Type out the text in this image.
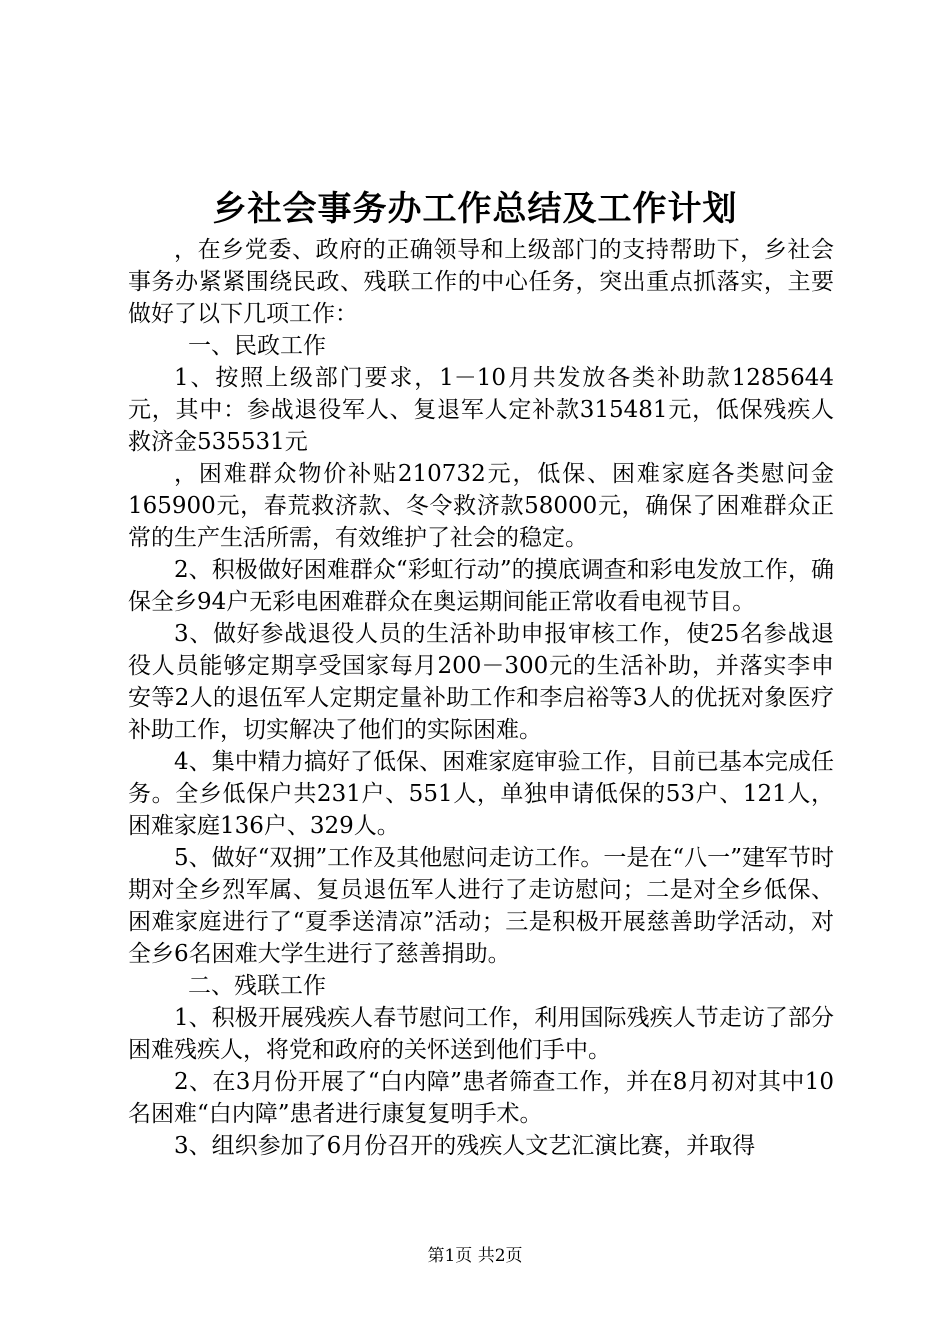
乡社会事务办工作总结及工作计划

，在乡党委、政府的正确领导和上级部门的支持帮助下，乡社会事务办紧紧围绕民政、残联工作的中心任务，突出重点抓落实，主要做好了以下几项工作：

一、民政工作

1、按照上级部门要求，1－10月共发放各类补助款1285644元，其中：参战退役军人、复退军人定补款315481元，低保残疾人救济金535531元

，困难群众物价补贴210732元，低保、困难家庭各类慰问金165900元，春荒救济款、冬令救济款58000元，确保了困难群众正常的生产生活所需，有效维护了社会的稳定。

2、积极做好困难群众“彩虹行动”的摸底调查和彩电发放工作，确保全乡94户无彩电困难群众在奥运期间能正常收看电视节目。

3、做好参战退役人员的生活补助申报审核工作，使25名参战退役人员能够定期享受国家每月200－300元的生活补助，并落实李申安等2人的退伍军人定期定量补助工作和李启裕等3人的优抚对象医疗补助工作，切实解决了他们的实际困难。

4、集中精力搞好了低保、困难家庭审验工作，目前已基本完成任务。全乡低保户共231户、551人，单独申请低保的53户、121人，困难家庭136户、329人。

5、做好“双拥”工作及其他慰问走访工作。一是在“八一”建军节时期对全乡烈军属、复员退伍军人进行了走访慰问；二是对全乡低保、困难家庭进行了“夏季送清凉”活动；三是积极开展慈善助学活动，对全乡6名困难大学生进行了慈善捐助。

二、残联工作

1、积极开展残疾人春节慰问工作，利用国际残疾人节走访了部分困难残疾人，将党和政府的关怀送到他们手中。

2、在3月份开展了“白内障”患者筛查工作，并在8月初对其中10名困难“白内障”患者进行康复复明手术。

3、组织参加了6月份召开的残疾人文艺汇演比赛，并取得

第1页 共2页
